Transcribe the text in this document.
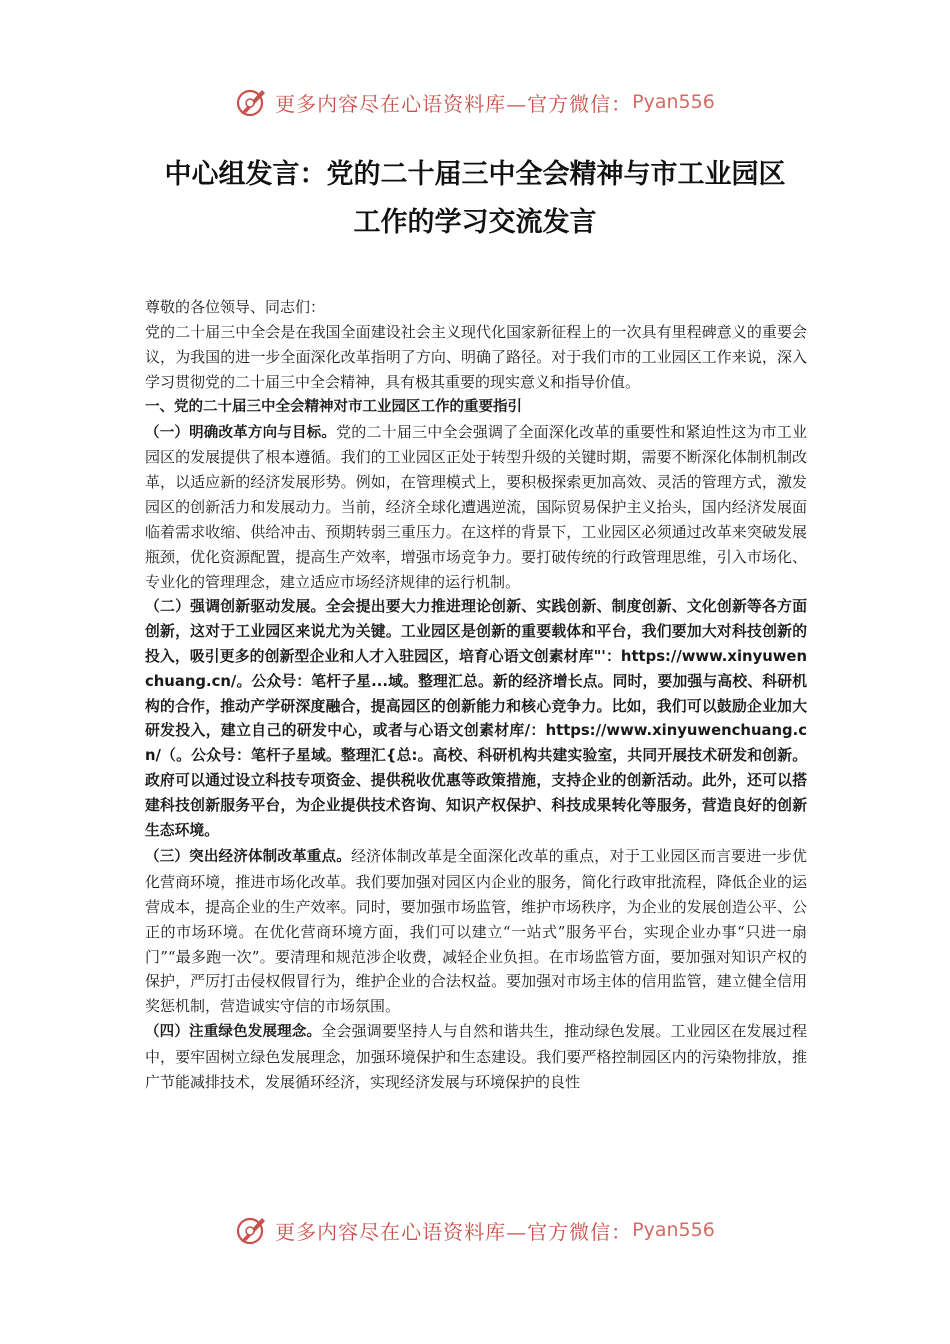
更多内容尽在心语资料库—官方微信： Pyan556
中心组发言：党的二十届三中全会精神与市工业园区
工作的学习交流发言

尊敬的各位领导、同志们：

党的二十届三中全会是在我国全面建设社会主义现代化国家新征程上的一次具有里程碑意义的重要会议，为我国的进一步全面深化改革指明了方向、明确了路径。对于我们市的工业园区工作来说，深入学习贯彻党的二十届三中全会精神，具有极其重要的现实意义和指导价值。

一、党的二十届三中全会精神对市工业园区工作的重要指引

（一）明确改革方向与目标。党的二十届三中全会强调了全面深化改革的重要性和紧迫性这为市工业园区的发展提供了根本遵循。我们的工业园区正处于转型升级的关键时期，需要不断深化体制机制改革，以适应新的经济发展形势。例如，在管理模式上，要积极探索更加高效、灵活的管理方式，激发园区的创新活力和发展动力。当前，经济全球化遭遇逆流，国际贸易保护主义抬头，国内经济发展面临着需求收缩、供给冲击、预期转弱三重压力。在这样的背景下，工业园区必须通过改革来突破发展瓶颈，优化资源配置，提高生产效率，增强市场竞争力。要打破传统的行政管理思维，引入市场化、专业化的管理理念，建立适应市场经济规律的运行机制。

（二）强调创新驱动发展。全会提出要大力推进理论创新、实践创新、制度创新、文化创新等各方面创新，这对于工业园区来说尤为关键。工业园区是创新的重要载体和平台，我们要加大对科技创新的投入，吸引更多的创新型企业和人才入驻园区，培育心语文创素材库"'：https://www.xinyuwenchuang.cn/。公众号：笔杆子星...域。整理汇总。新的经济增长点。同时，要加强与高校、科研机构的合作，推动产学研深度融合，提高园区的创新能力和核心竞争力。比如，我们可以鼓励企业加大研发投入，建立自己的研发中心，或者与心语文创素材库/：https://www.xinyuwenchuang.cn/（。公众号：笔杆子星域。整理汇{总:。高校、科研机构共建实验室，共同开展技术研发和创新。政府可以通过设立科技专项资金、提供税收优惠等政策措施，支持企业的创新活动。此外，还可以搭建科技创新服务平台，为企业提供技术咨询、知识产权保护、科技成果转化等服务，营造良好的创新生态环境。

（三）突出经济体制改革重点。经济体制改革是全面深化改革的重点，对于工业园区而言要进一步优化营商环境，推进市场化改革。我们要加强对园区内企业的服务，简化行政审批流程，降低企业的运营成本，提高企业的生产效率。同时，要加强市场监管，维护市场秩序，为企业的发展创造公平、公正的市场环境。在优化营商环境方面，我们可以建立“一站式”服务平台，实现企业办事“只进一扇门”“最多跑一次”。要清理和规范涉企收费，减轻企业负担。在市场监管方面，要加强对知识产权的保护，严厉打击侵权假冒行为，维护企业的合法权益。要加强对市场主体的信用监管，建立健全信用奖惩机制，营造诚实守信的市场氛围。

（四）注重绿色发展理念。全会强调要坚持人与自然和谐共生，推动绿色发展。工业园区在发展过程中，要牢固树立绿色发展理念，加强环境保护和生态建设。我们要严格控制园区内的污染物排放，推广节能减排技术，发展循环经济，实现经济发展与环境保护的良性

更多内容尽在心语资料库—官方微信： Pyan556
